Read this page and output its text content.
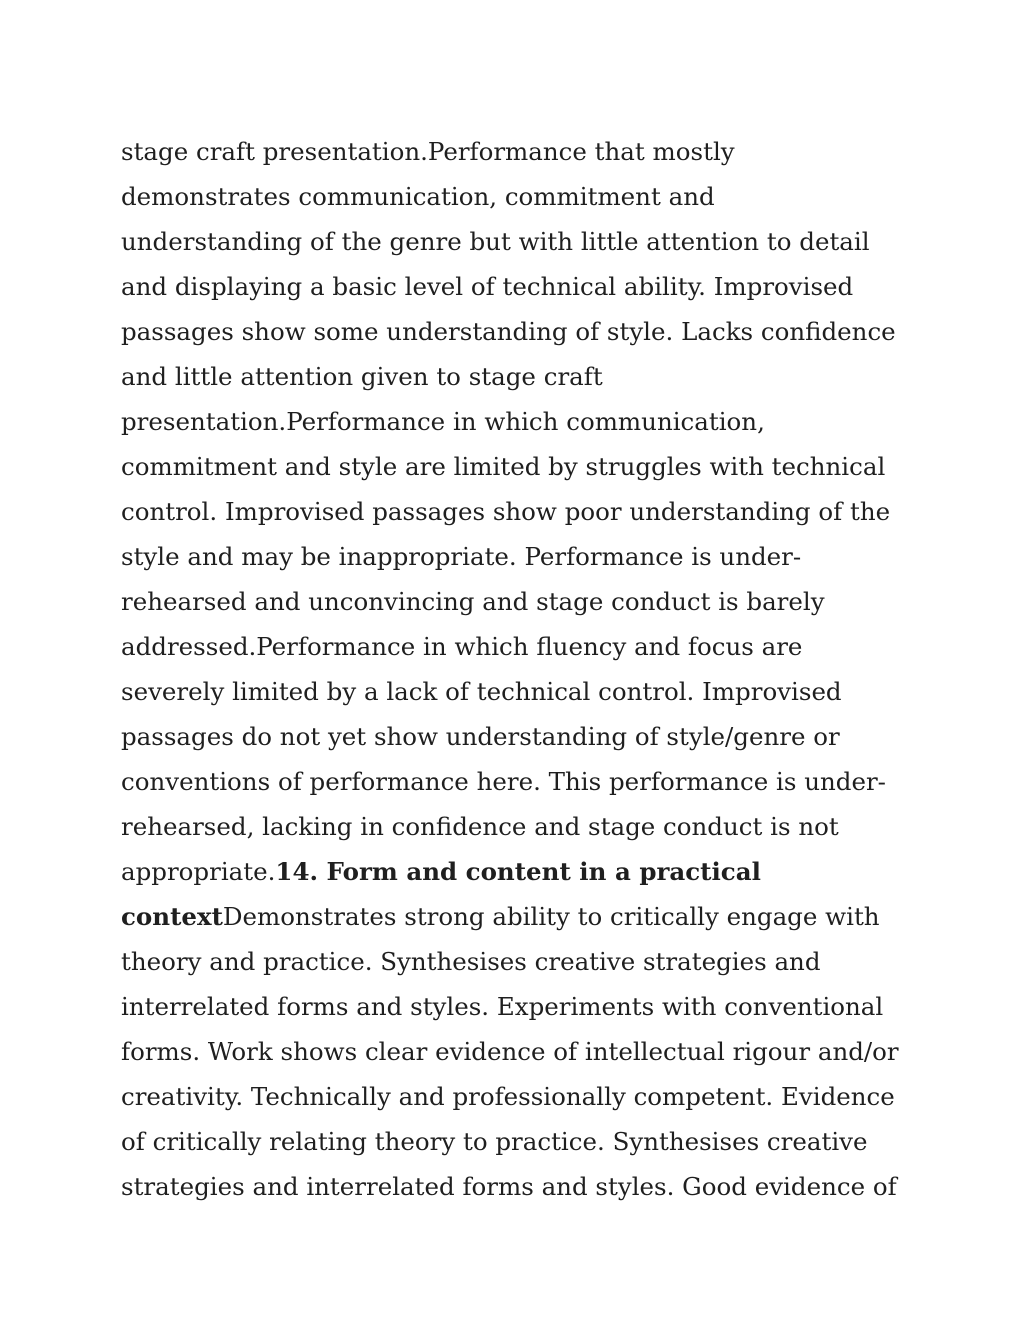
stage craft presentation.Performance that mostly
demonstrates communication, commitment and
understanding of the genre but with little attention to detail
and displaying a basic level of technical ability. Improvised
passages show some understanding of style. Lacks confidence
and little attention given to stage craft
presentation.Performance in which communication,
commitment and style are limited by struggles with technical
control. Improvised passages show poor understanding of the
style and may be inappropriate. Performance is under-
rehearsed and unconvincing and stage conduct is barely
addressed.Performance in which fluency and focus are
severely limited by a lack of technical control. Improvised
passages do not yet show understanding of style/genre or
conventions of performance here. This performance is under-
rehearsed, lacking in confidence and stage conduct is not
appropriate.14. Form and content in a practical
contextDemonstrates strong ability to critically engage with
theory and practice. Synthesises creative strategies and
interrelated forms and styles. Experiments with conventional
forms. Work shows clear evidence of intellectual rigour and/or
creativity. Technically and professionally competent. Evidence
of critically relating theory to practice. Synthesises creative
strategies and interrelated forms and styles. Good evidence of
